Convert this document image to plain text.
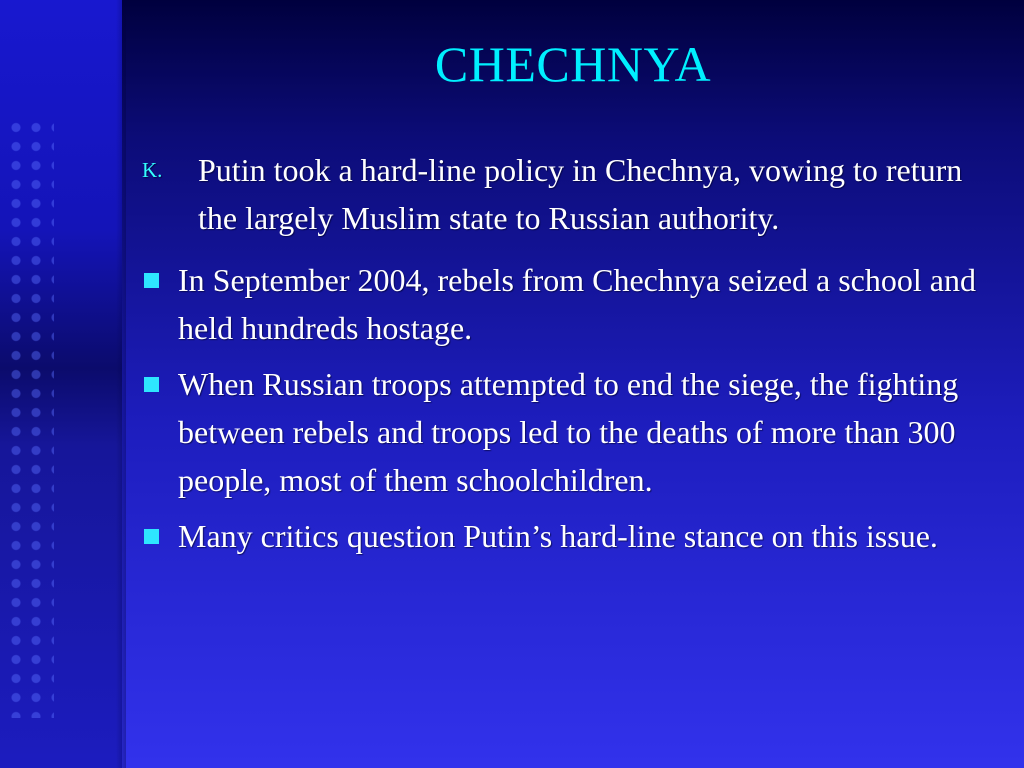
CHECHNYA
K.	Putin took a hard-line policy in Chechnya, vowing to return the largely Muslim state to Russian authority.
In September 2004, rebels from Chechnya seized a school and held hundreds hostage.
When Russian troops attempted to end the siege, the fighting between rebels and troops led to the deaths of more than 300 people, most of them schoolchildren.
Many critics question Putin’s hard-line stance on this issue.
